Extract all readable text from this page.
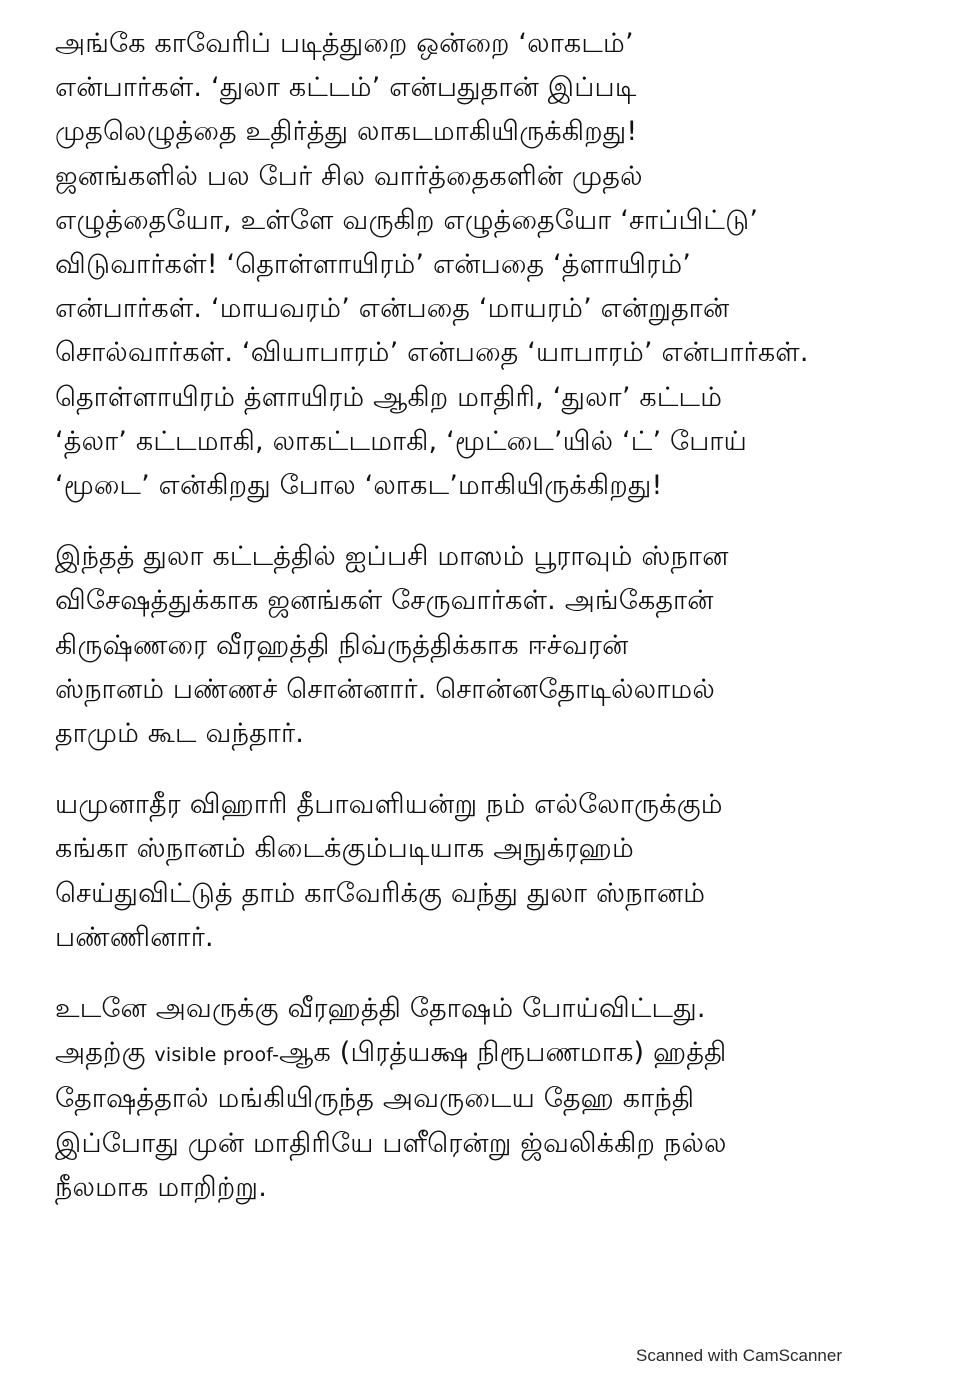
அங்கே காவேரிப் படித்துறை ஒன்றை ‘லாகடம்’
என்பார்கள். ‘துலா கட்டம்’ என்பதுதான் இப்படி
முதலெழுத்தை உதிர்த்து லாகடமாகியிருக்கிறது!
ஜனங்களில் பல பேர் சில வார்த்தைகளின் முதல்
எழுத்தையோ, உள்ளே வருகிற எழுத்தையோ ‘சாப்பிட்டு’
விடுவார்கள்! ‘தொள்ளாயிரம்’ என்பதை ‘த்ளாயிரம்’
என்பார்கள். ‘மாயவரம்’ என்பதை ‘மாயரம்’ என்றுதான்
சொல்வார்கள். ‘வியாபாரம்’ என்பதை ‘யாபாரம்’ என்பார்கள்.
தொள்ளாயிரம் த்ளாயிரம் ஆகிற மாதிரி, ‘துலா’ கட்டம்
‘த்லா’ கட்டமாகி, லாகட்டமாகி, ‘மூட்டை’யில் ‘ட்’ போய்
‘மூடை’ என்கிறது போல ‘லாகட’மாகியிருக்கிறது!
இந்தத் துலா கட்டத்தில் ஐப்பசி மாஸம் பூராவும் ஸ்நான
விசேஷத்துக்காக ஜனங்கள் சேருவார்கள். அங்கேதான்
கிருஷ்ணரை வீரஹத்தி நிவ்ருத்திக்காக ஈச்வரன்
ஸ்நானம் பண்ணச் சொன்னார். சொன்னதோடில்லாமல்
தாமும் கூட வந்தார்.
யமுனாதீர விஹாரி தீபாவளியன்று நம் எல்லோருக்கும்
கங்கா ஸ்நானம் கிடைக்கும்படியாக அநுக்ரஹம்
செய்துவிட்டுத் தாம் காவேரிக்கு வந்து துலா ஸ்நானம்
பண்ணினார்.
உடனே அவருக்கு வீரஹத்தி தோஷம் போய்விட்டது.
அதற்கு visible proof-ஆக (பிரத்யக்ஷ நிரூபணமாக) ஹத்தி
தோஷத்தால் மங்கியிருந்த அவருடைய தேஹ காந்தி
இப்போது முன் மாதிரியே பளீரென்று ஜ்வலிக்கிற நல்ல
நீலமாக மாறிற்று.
Scanned with CamScanner
